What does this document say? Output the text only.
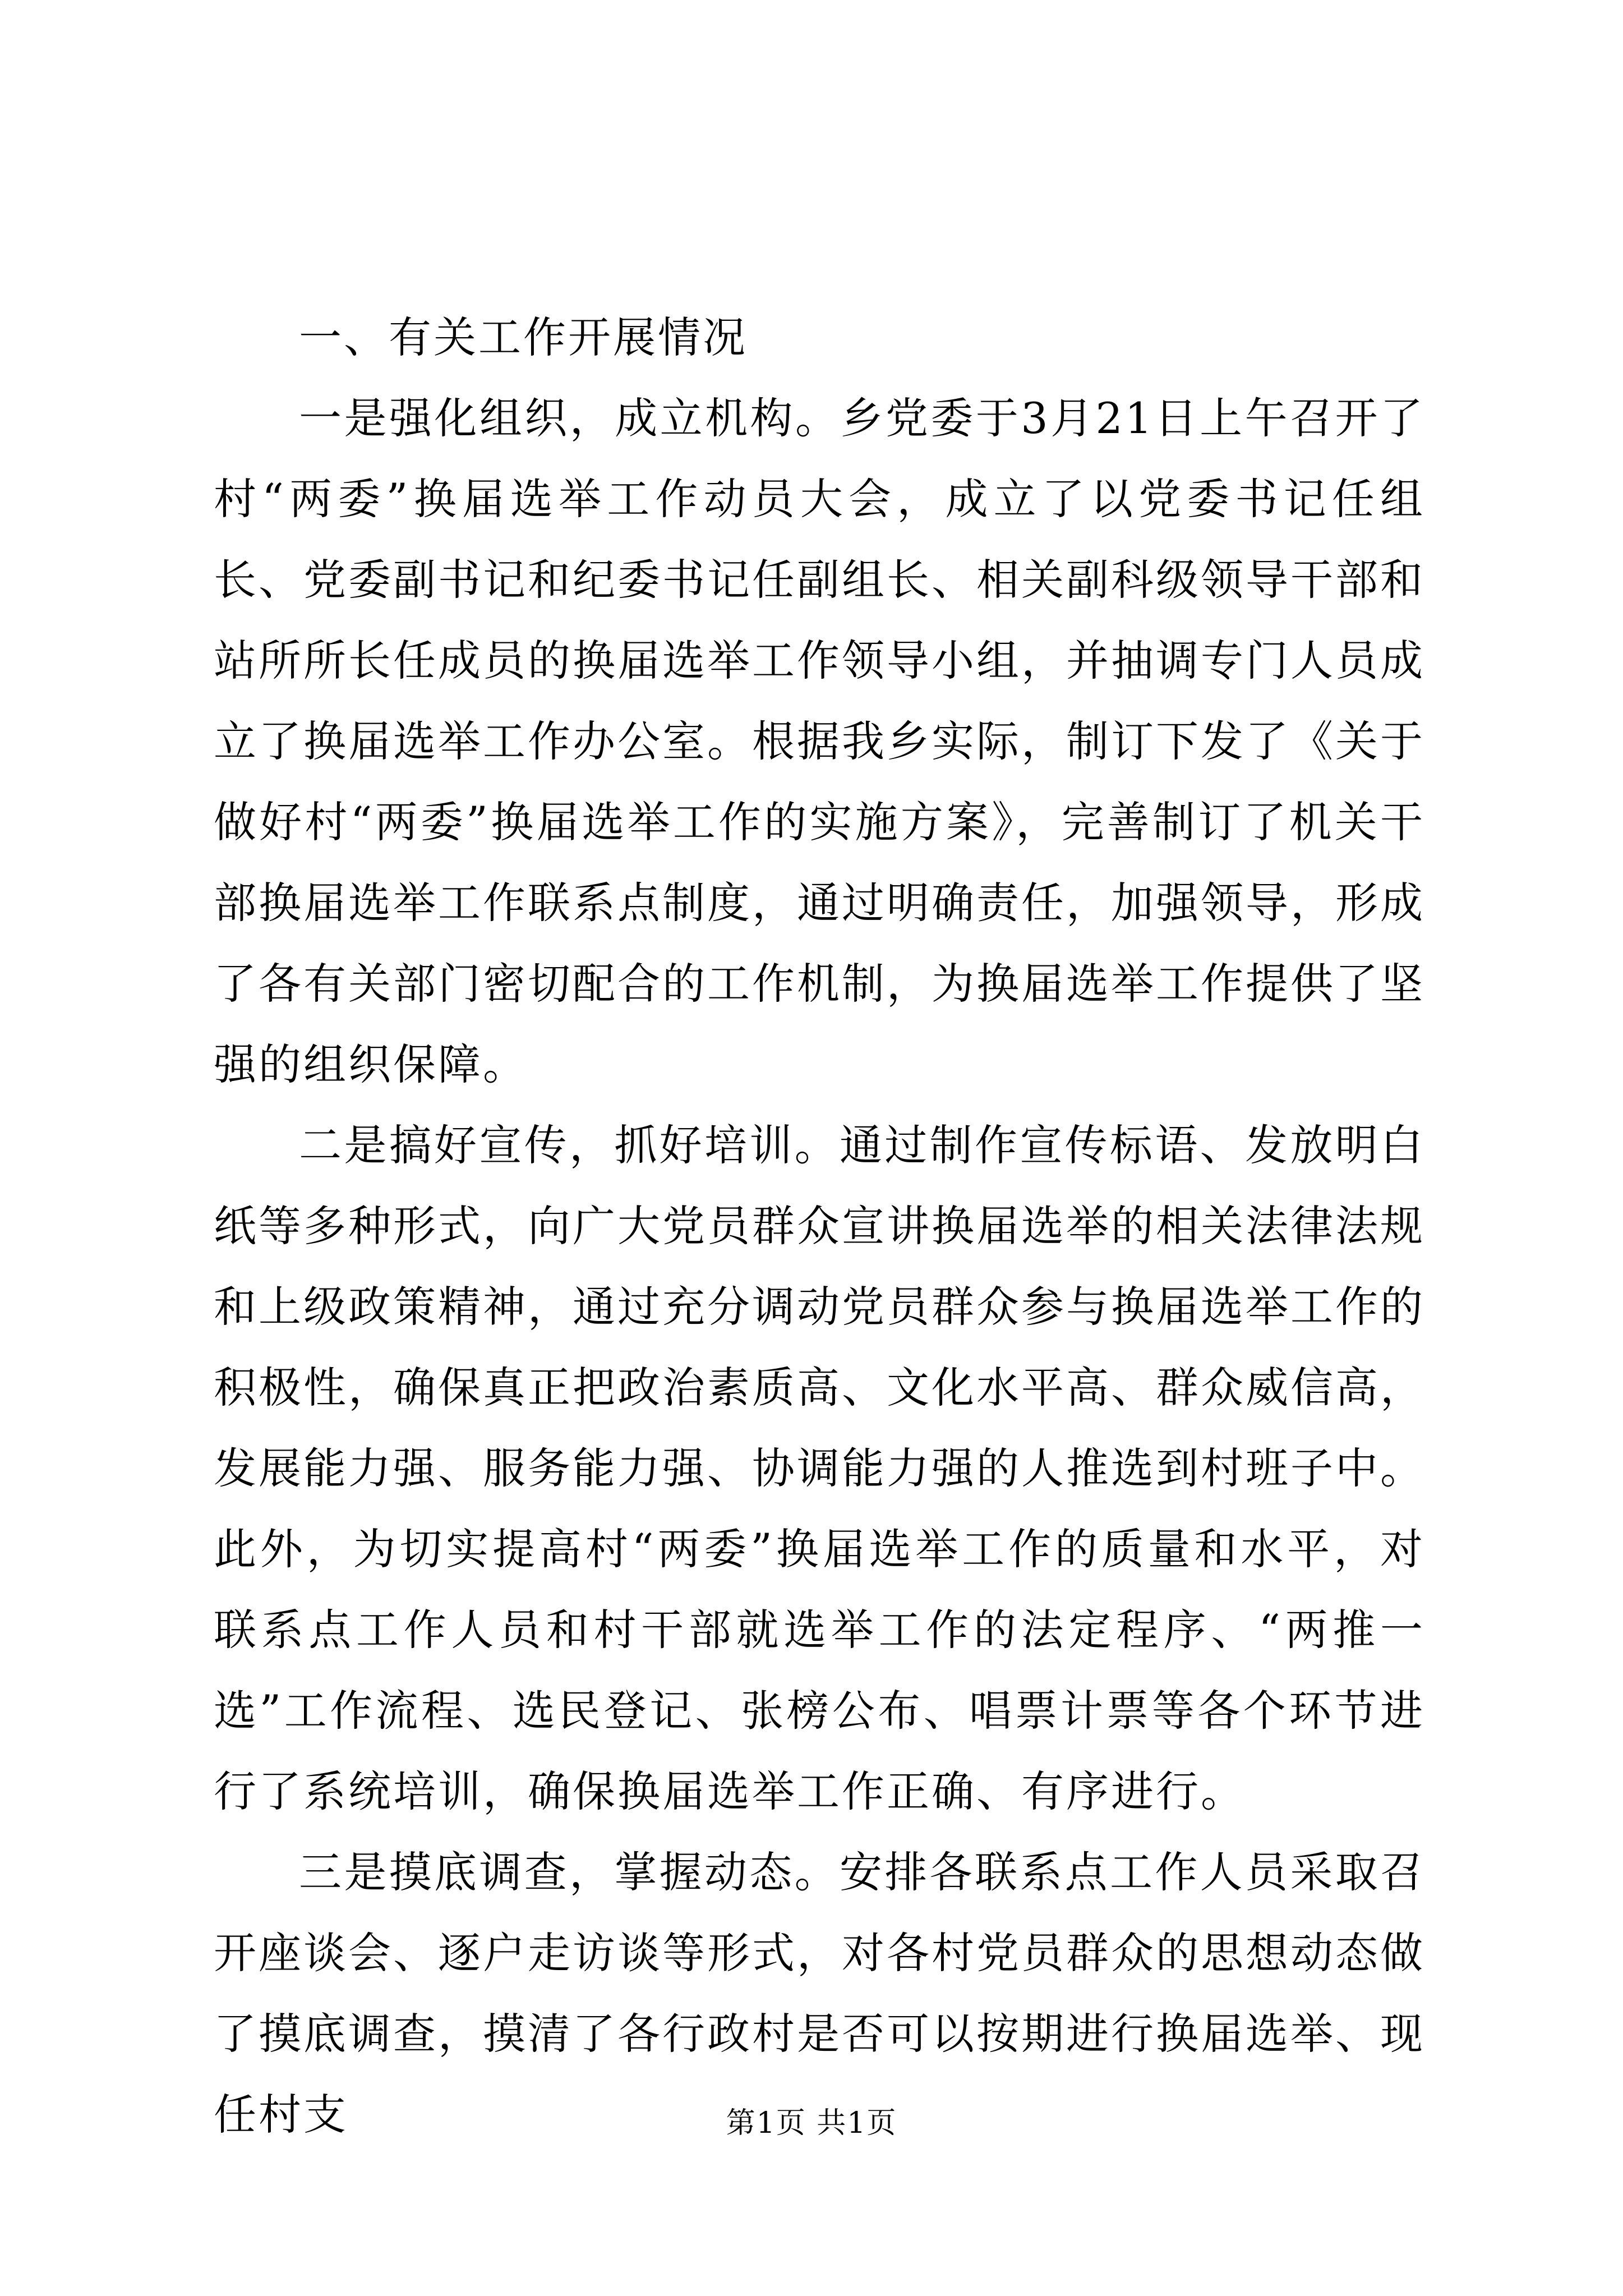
一、有关工作开展情况

一是强化组织，成立机构。乡党委于3月21日上午召开了村“两委”换届选举工作动员大会，成立了以党委书记任组长、党委副书记和纪委书记任副组长、相关副科级领导干部和站所所长任成员的换届选举工作领导小组，并抽调专门人员成立了换届选举工作办公室。根据我乡实际，制订下发了《关于做好村“两委”换届选举工作的实施方案》，完善制订了机关干部换届选举工作联系点制度，通过明确责任，加强领导，形成了各有关部门密切配合的工作机制，为换届选举工作提供了坚强的组织保障。

二是搞好宣传，抓好培训。通过制作宣传标语、发放明白纸等多种形式，向广大党员群众宣讲换届选举的相关法律法规和上级政策精神，通过充分调动党员群众参与换届选举工作的积极性，确保真正把政治素质高、文化水平高、群众威信高，发展能力强、服务能力强、协调能力强的人推选到村班子中。此外，为切实提高村“两委”换届选举工作的质量和水平，对联系点工作人员和村干部就选举工作的法定程序、“两推一选”工作流程、选民登记、张榜公布、唱票计票等各个环节进行了系统培训，确保换届选举工作正确、有序进行。

三是摸底调查，掌握动态。安排各联系点工作人员采取召开座谈会、逐户走访谈等形式，对各村党员群众的思想动态做了摸底调查，摸清了各行政村是否可以按期进行换届选举、现任村支	第1页 共1页
